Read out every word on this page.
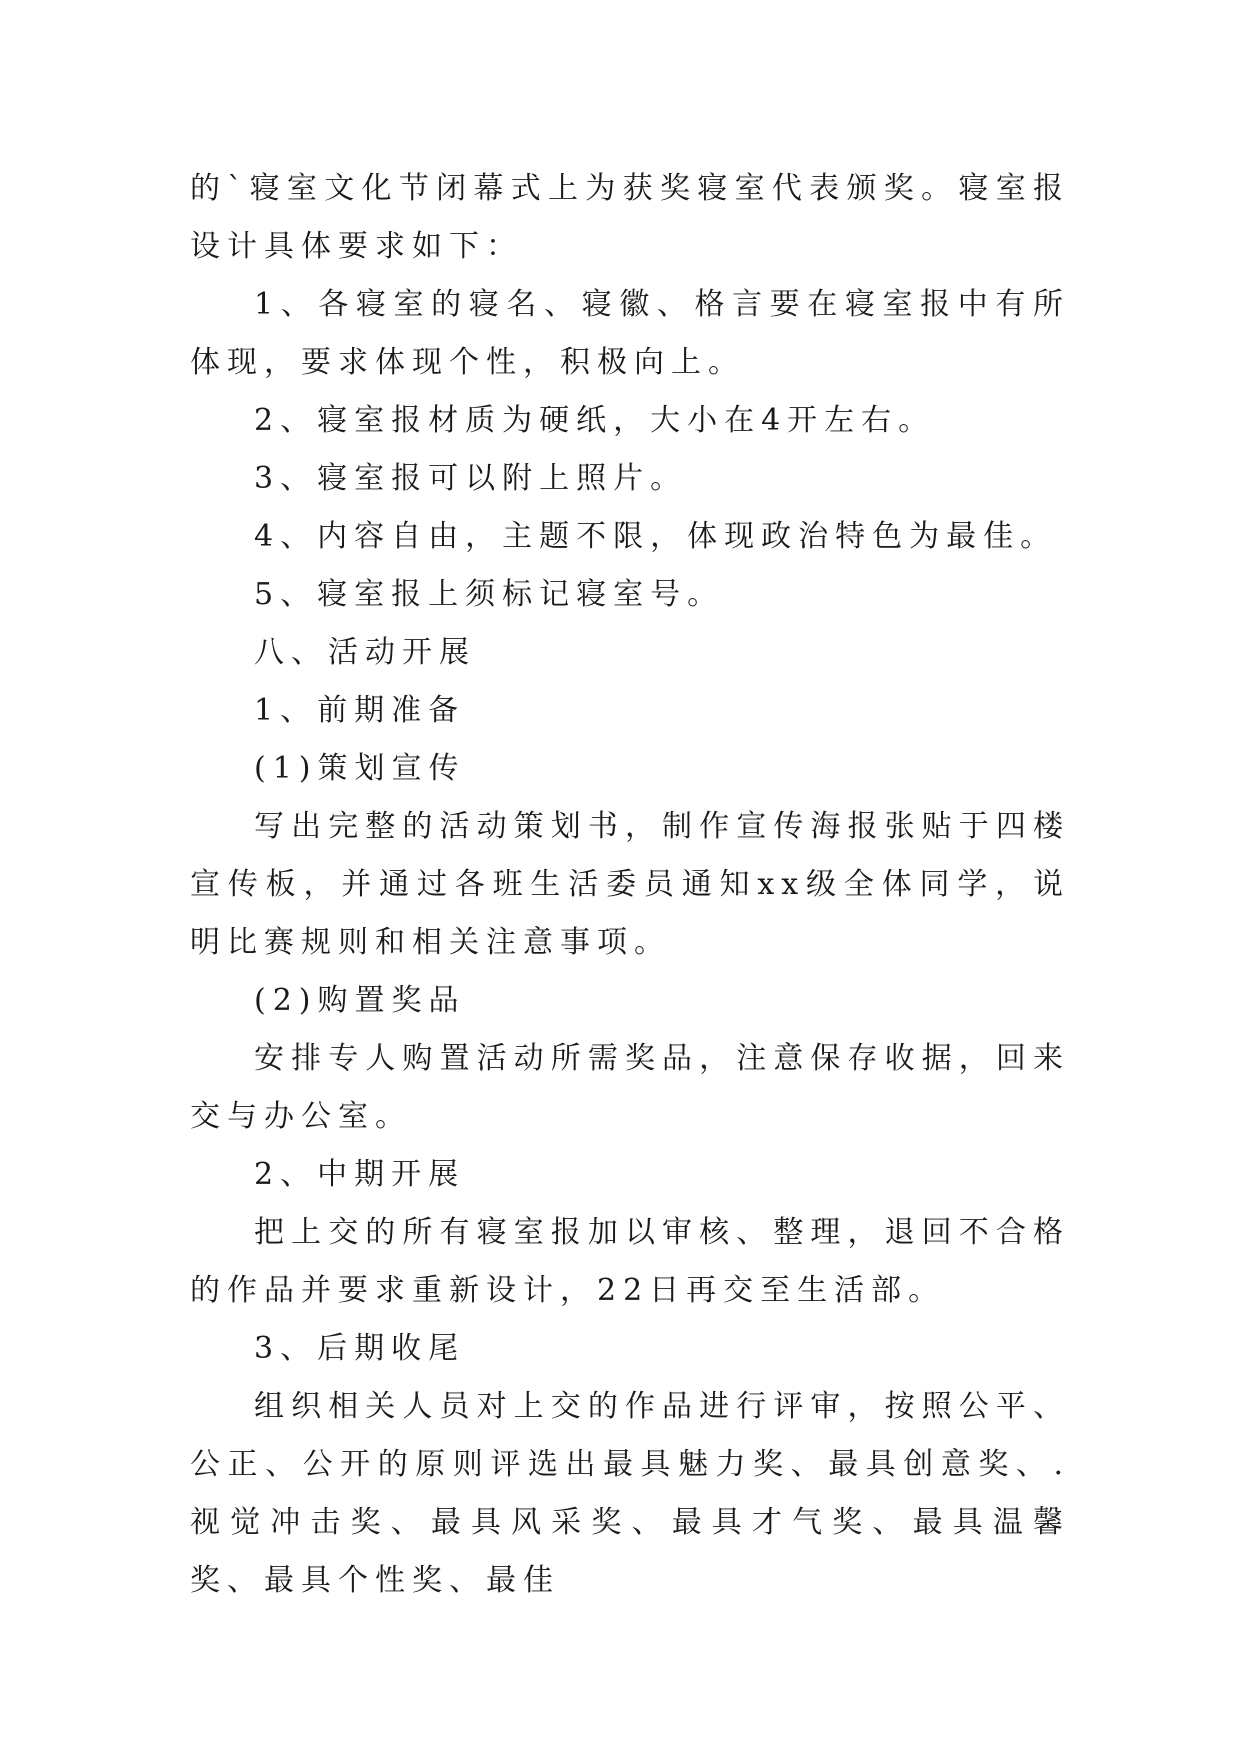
的`寝室文化节闭幕式上为获奖寝室代表颁奖。寝室报设计具体要求如下：

1、各寝室的寝名、寝徽、格言要在寝室报中有所体现，要求体现个性，积极向上。

2、寝室报材质为硬纸，大小在4开左右。

3、寝室报可以附上照片。

4、内容自由，主题不限，体现政治特色为最佳。

5、寝室报上须标记寝室号。

八、活动开展

1、前期准备

(1)策划宣传

写出完整的活动策划书，制作宣传海报张贴于四楼宣传板，并通过各班生活委员通知xx级全体同学，说明比赛规则和相关注意事项。

(2)购置奖品

安排专人购置活动所需奖品，注意保存收据，回来交与办公室。

2、中期开展

把上交的所有寝室报加以审核、整理，退回不合格的作品并要求重新设计，22日再交至生活部。

3、后期收尾

组织相关人员对上交的作品进行评审，按照公平、公正、公开的原则评选出最具魅力奖、最具创意奖、.视觉冲击奖、最具风采奖、最具才气奖、最具温馨奖、最具个性奖、最佳
